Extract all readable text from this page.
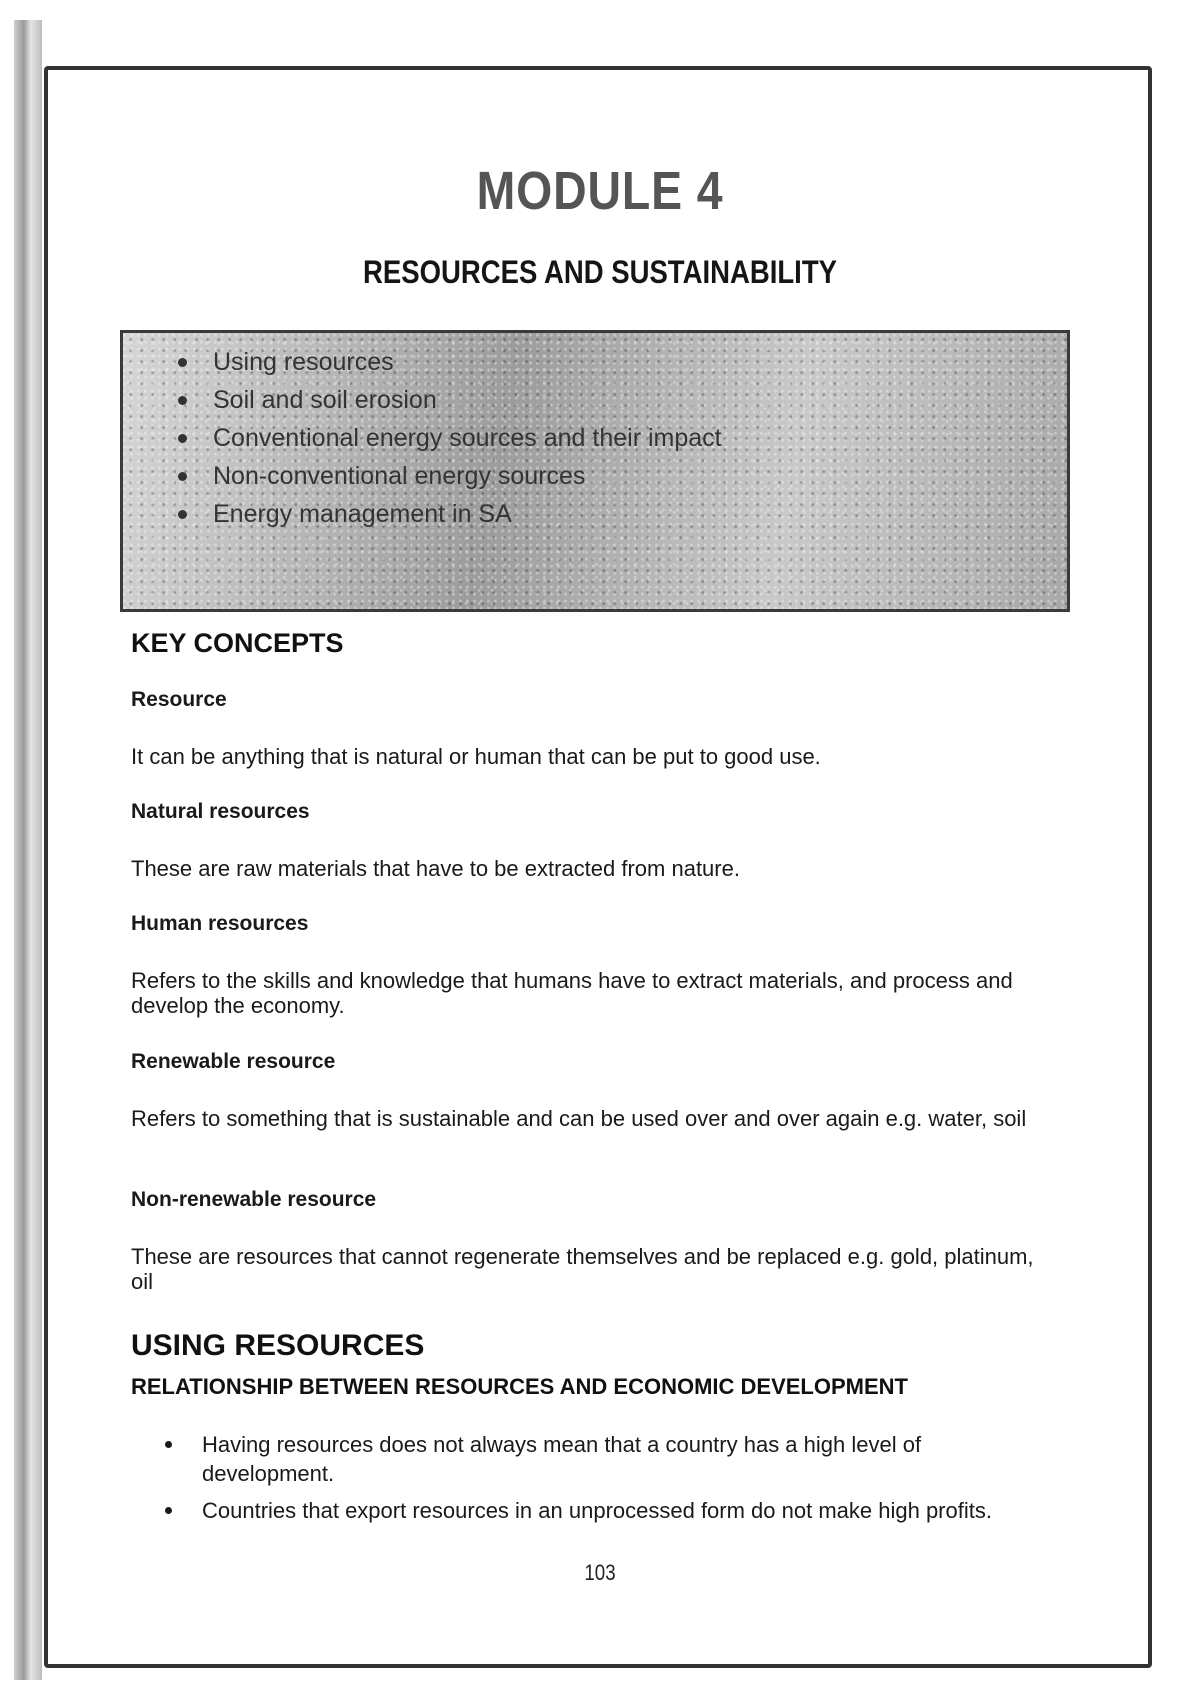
MODULE 4
RESOURCES AND SUSTAINABILITY
Using resources
Soil and soil erosion
Conventional energy sources and their impact
Non-conventional energy sources
Energy management in SA
KEY CONCEPTS
Resource
It can be anything that is natural or human that can be put to good use.
Natural resources
These are raw materials that have to be extracted from nature.
Human resources
Refers to the skills and knowledge that humans have to extract materials, and process and develop the economy.
Renewable resource
Refers to something that is sustainable and can be used over and over again e.g. water, soil
Non-renewable resource
These are resources that cannot regenerate themselves and be replaced e.g. gold, platinum, oil
USING RESOURCES
RELATIONSHIP BETWEEN RESOURCES AND ECONOMIC DEVELOPMENT
Having resources does not always mean that a country has a high level of development.
Countries that export resources in an unprocessed form do not make high profits.
103
